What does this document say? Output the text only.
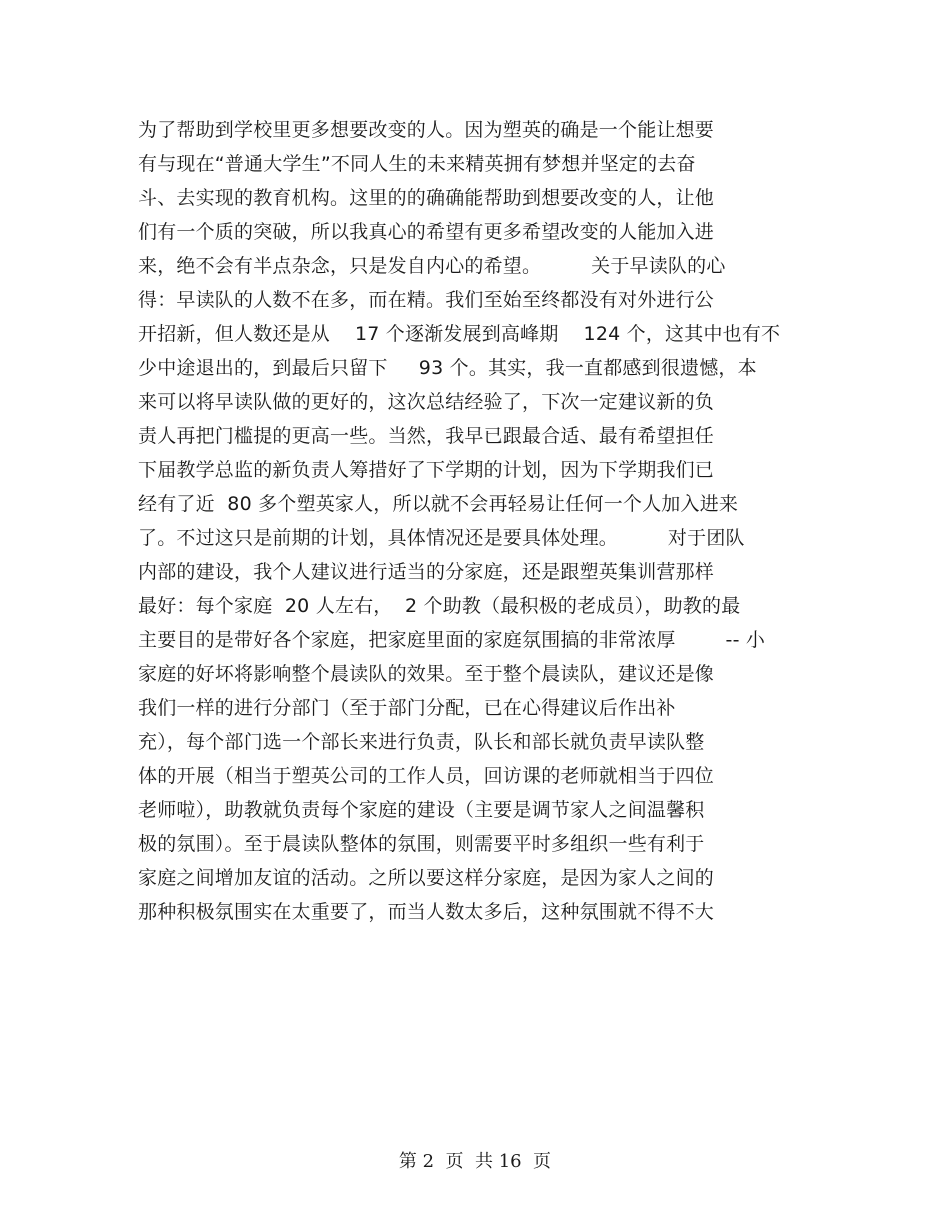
为了帮助到学校里更多想要改变的人。因为塑英的确是一个能让想要
有与现在“普通大学生”不同人生的未来精英拥有梦想并坚定的去奋
斗、去实现的教育机构。这里的的确确能帮助到想要改变的人，让他
们有一个质的突破，所以我真心的希望有更多希望改变的人能加入进
来，绝不会有半点杂念，只是发自内心的希望。        关于早读队的心
得：早读队的人数不在多，而在精。我们至始至终都没有对外进行公
开招新，但人数还是从    17 个逐渐发展到高峰期    124 个，这其中也有不
少中途退出的，到最后只留下     93 个。其实，我一直都感到很遗憾，本
来可以将早读队做的更好的，这次总结经验了，下次一定建议新的负
责人再把门槛提的更高一些。当然，我早已跟最合适、最有希望担任
下届教学总监的新负责人筹措好了下学期的计划，因为下学期我们已
经有了近  80 多个塑英家人，所以就不会再轻易让任何一个人加入进来
了。不过这只是前期的计划，具体情况还是要具体处理。        对于团队
内部的建设，我个人建议进行适当的分家庭，还是跟塑英集训营那样
最好：每个家庭  20 人左右，  2 个助教（最积极的老成员），助教的最
主要目的是带好各个家庭，把家庭里面的家庭氛围搞的非常浓厚        -- 小
家庭的好坏将影响整个晨读队的效果。至于整个晨读队，建议还是像
我们一样的进行分部门（至于部门分配，已在心得建议后作出补
充），每个部门选一个部长来进行负责，队长和部长就负责早读队整
体的开展（相当于塑英公司的工作人员，回访课的老师就相当于四位
老师啦），助教就负责每个家庭的建设（主要是调节家人之间温馨积
极的氛围）。至于晨读队整体的氛围，则需要平时多组织一些有利于
家庭之间增加友谊的活动。之所以要这样分家庭，是因为家人之间的
那种积极氛围实在太重要了，而当人数太多后，这种氛围就不得不大
第 2  页  共 16  页
